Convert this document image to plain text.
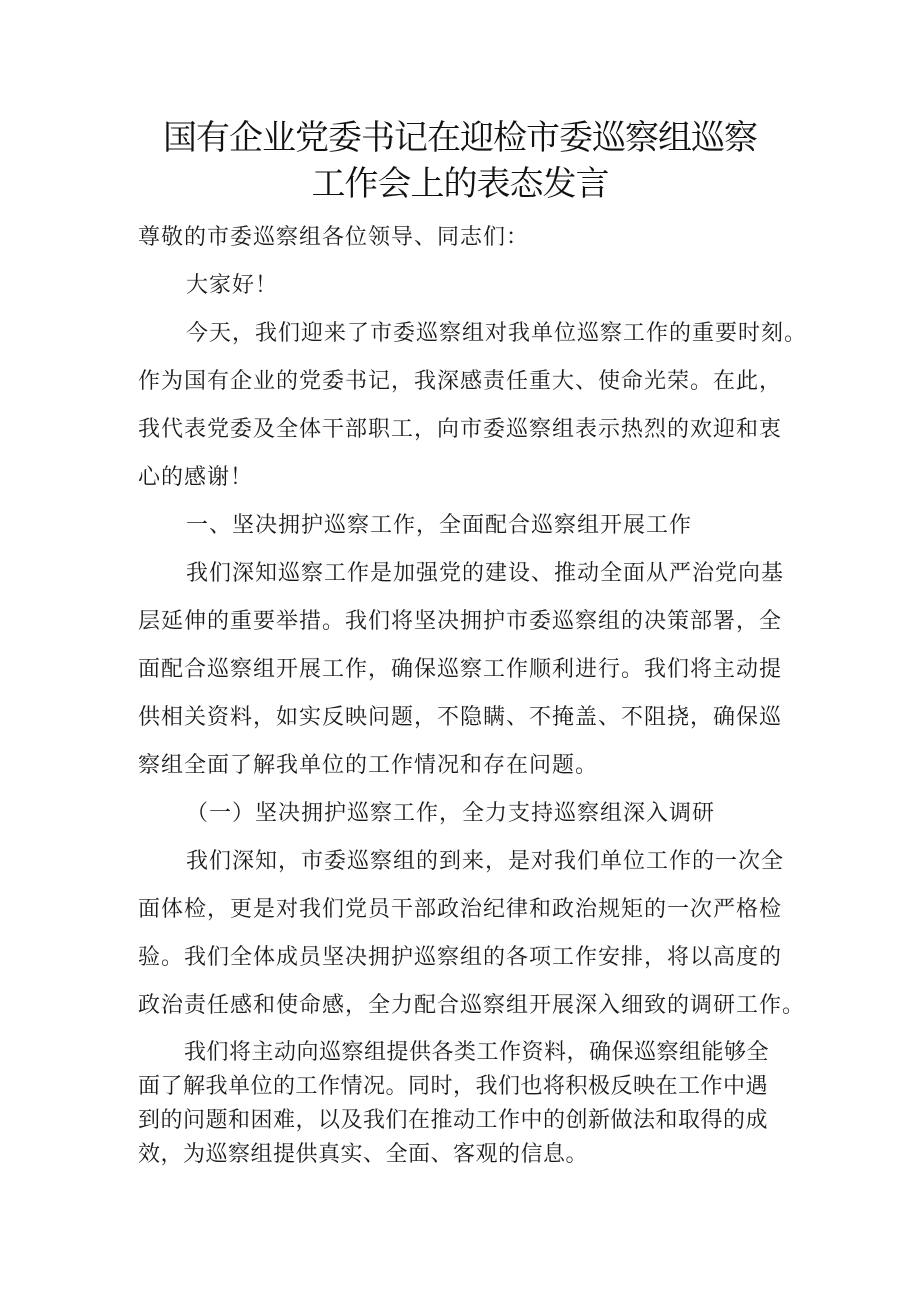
国有企业党委书记在迎检市委巡察组巡察
工作会上的表态发言

尊敬的市委巡察组各位领导、同志们：

大家好！

今天，我们迎来了市委巡察组对我单位巡察工作的重要时刻。
作为国有企业的党委书记，我深感责任重大、使命光荣。在此，
我代表党委及全体干部职工，向市委巡察组表示热烈的欢迎和衷
心的感谢！

一、坚决拥护巡察工作，全面配合巡察组开展工作

我们深知巡察工作是加强党的建设、推动全面从严治党向基
层延伸的重要举措。我们将坚决拥护市委巡察组的决策部署，全
面配合巡察组开展工作，确保巡察工作顺利进行。我们将主动提
供相关资料，如实反映问题，不隐瞒、不掩盖、不阻挠，确保巡
察组全面了解我单位的工作情况和存在问题。

（一）坚决拥护巡察工作，全力支持巡察组深入调研

我们深知，市委巡察组的到来，是对我们单位工作的一次全
面体检，更是对我们党员干部政治纪律和政治规矩的一次严格检
验。我们全体成员坚决拥护巡察组的各项工作安排，将以高度的
政治责任感和使命感，全力配合巡察组开展深入细致的调研工作。
我们将主动向巡察组提供各类工作资料，确保巡察组能够全
面了解我单位的工作情况。同时，我们也将积极反映在工作中遇
到的问题和困难，以及我们在推动工作中的创新做法和取得的成
效，为巡察组提供真实、全面、客观的信息。
